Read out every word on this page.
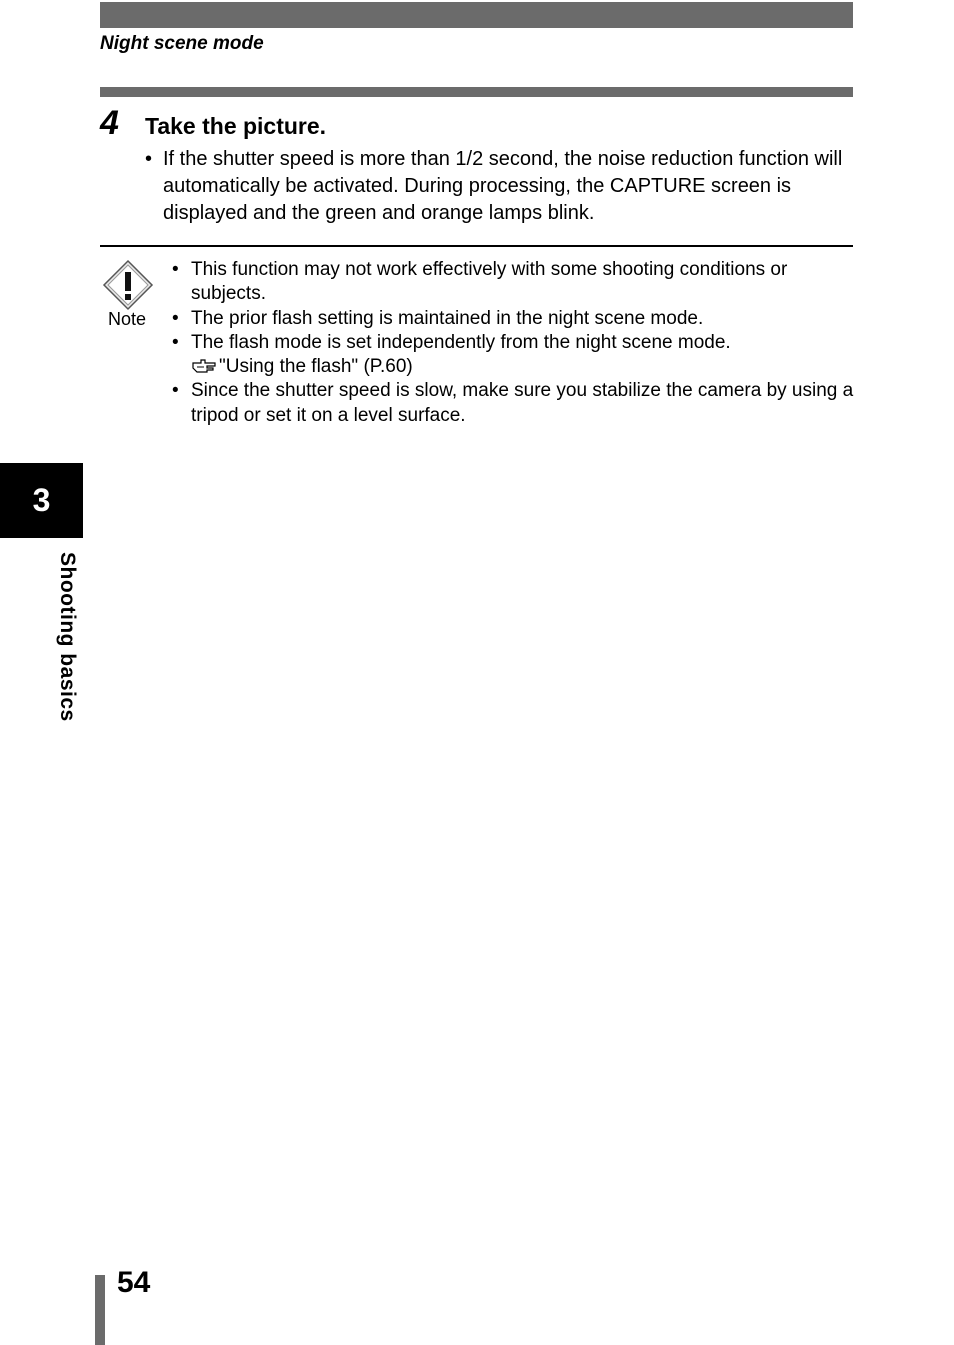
Night scene mode
4 Take the picture.
• If the shutter speed is more than 1/2 second, the noise reduction function will automatically be activated. During processing, the CAPTURE screen is displayed and the green and orange lamps blink.
Note
• This function may not work effectively with some shooting conditions or subjects.
• The prior flash setting is maintained in the night scene mode.
• The flash mode is set independently from the night scene mode.
"Using the flash" (P.60)
• Since the shutter speed is slow, make sure you stabilize the camera by using a tripod or set it on a level surface.
3
Shooting basics
54
